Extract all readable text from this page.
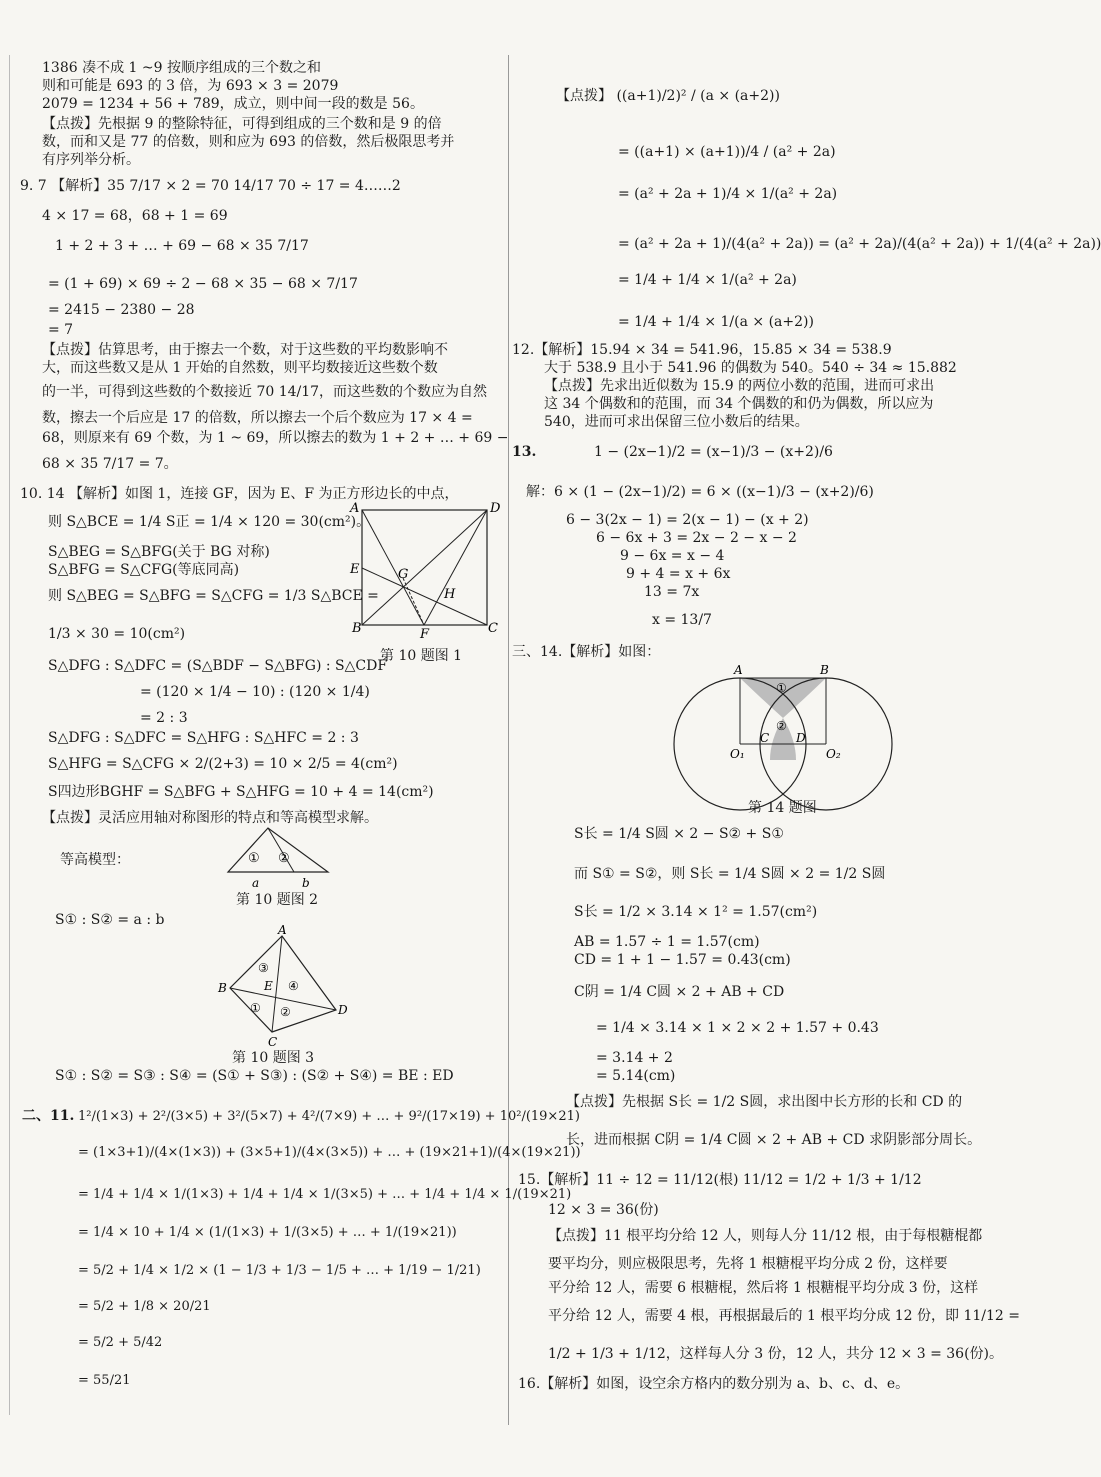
1386 凑不成 1 ~9 按顺序组成的三个数之和
则和可能是 693 的 3 倍，为 693 × 3 = 2079
2079 = 1234 + 56 + 789，成立，则中间一段的数是 56。
【点拨】先根据 9 的整除特征，可得到组成的三个数和是 9 的倍
数，而和又是 77 的倍数，则和应为 693 的倍数，然后极限思考并
有序列举分析。
9. 7 【解析】35 7/17 × 2 = 70 14/17 70 ÷ 17 = 4……2
4 × 17 = 68，68 + 1 = 69
1 + 2 + 3 + … + 69 − 68 × 35 7/17
= (1 + 69) × 69 ÷ 2 − 68 × 35 − 68 × 7/17
= 2415 − 2380 − 28
= 7
【点拨】估算思考，由于擦去一个数，对于这些数的平均数影响不
大，而这些数又是从 1 开始的自然数，则平均数接近这些数个数
的一半，可得到这些数的个数接近 70 14/17，而这些数的个数应为自然
数，擦去一个后应是 17 的倍数，所以擦去一个后个数应为 17 × 4 =
68，则原来有 69 个数，为 1 ~ 69，所以擦去的数为 1 + 2 + … + 69 −
68 × 35 7/17 = 7。
10. 14 【解析】如图 1，连接 GF，因为 E、F 为正方形边长的中点，
则 S△BCE = 1/4 S正 = 1/4 × 120 = 30(cm²)。
S△BEG = S△BFG(关于 BG 对称)
S△BFG = S△CFG(等底同高)
则 S△BEG = S△BFG = S△CFG = 1/3 S△BCE =
1/3 × 30 = 10(cm²)
S△DFG : S△DFC = (S△BDF − S△BFG) : S△CDF
= (120 × 1/4 − 10) : (120 × 1/4)
= 2 : 3
S△DFG : S△DFC = S△HFG : S△HFC = 2 : 3
S△HFG = S△CFG × 2/(2+3) = 10 × 2/5 = 4(cm²)
S四边形BGHF = S△BFG + S△HFG = 10 + 4 = 14(cm²)
【点拨】灵活应用轴对称图形的特点和等高模型求解。
等高模型：
A	D
E	G
H
B	F	C
第 10 题图 1
① ②
a	b
第 10 题图 2
S① : S② = a : b
A
B
D
C
E
③
④
① ②
第 10 题图 3
S① : S② = S③ : S④ = (S① + S③) : (S② + S④) = BE : ED
二、11. 1²/(1×3) + 2²/(3×5) + 3²/(5×7) + 4²/(7×9) + … + 9²/(17×19) + 10²/(19×21)
= (1×3+1)/(4×(1×3)) + (3×5+1)/(4×(3×5)) + … + (19×21+1)/(4×(19×21))
= 1/4 + 1/4 × 1/(1×3) + 1/4 + 1/4 × 1/(3×5) + … + 1/4 + 1/4 × 1/(19×21)
= 1/4 × 10 + 1/4 × (1/(1×3) + 1/(3×5) + … + 1/(19×21))
= 5/2 + 1/4 × 1/2 × (1 − 1/3 + 1/3 − 1/5 + … + 1/19 − 1/21)
= 5/2 + 1/8 × 20/21
= 5/2 + 5/42
= 55/21
【点拨】 ((a+1)/2)² / (a × (a+2))
= ((a+1) × (a+1))/4 / (a² + 2a)
= (a² + 2a + 1)/4 × 1/(a² + 2a)
= (a² + 2a + 1)/(4(a² + 2a)) = (a² + 2a)/(4(a² + 2a)) + 1/(4(a² + 2a))
= 1/4 + 1/4 × 1/(a² + 2a)
= 1/4 + 1/4 × 1/(a × (a+2))
12.【解析】15.94 × 34 = 541.96，15.85 × 34 = 538.9
大于 538.9 且小于 541.96 的偶数为 540。540 ÷ 34 ≈ 15.882
【点拨】先求出近似数为 15.9 的两位小数的范围，进而可求出
这 34 个偶数和的范围，而 34 个偶数的和仍为偶数，所以应为
540，进而可求出保留三位小数后的结果。
13.	1 − (2x−1)/2 = (x−1)/3 − (x+2)/6
解：6 × (1 − (2x−1)/2) = 6 × ((x−1)/3 − (x+2)/6)
6 − 3(2x − 1) = 2(x − 1) − (x + 2)
6 − 6x + 3 = 2x − 2 − x − 2
9 − 6x = x − 4
9 + 4 = x + 6x
13 = 7x
x = 13/7
三、14.【解析】如图：
A	B
①
②
C D
O₁	O₂
第 14 题图
S长 = 1/4 S圆 × 2 − S② + S①
而 S① = S②，则 S长 = 1/4 S圆 × 2 = 1/2 S圆
S长 = 1/2 × 3.14 × 1² = 1.57(cm²)
AB = 1.57 ÷ 1 = 1.57(cm)
CD = 1 + 1 − 1.57 = 0.43(cm)
C阴 = 1/4 C圆 × 2 + AB + CD
= 1/4 × 3.14 × 1 × 2 × 2 + 1.57 + 0.43
= 3.14 + 2
= 5.14(cm)
【点拨】先根据 S长 = 1/2 S圆，求出图中长方形的长和 CD 的
长，进而根据 C阴 = 1/4 C圆 × 2 + AB + CD 求阴影部分周长。
15.【解析】11 ÷ 12 = 11/12(根) 11/12 = 1/2 + 1/3 + 1/12
12 × 3 = 36(份)
【点拨】11 根平均分给 12 人，则每人分 11/12 根，由于每根糖棍都
要平均分，则应极限思考，先将 1 根糖棍平均分成 2 份，这样要
平分给 12 人，需要 6 根糖棍，然后将 1 根糖棍平均分成 3 份，这样
平分给 12 人，需要 4 根，再根据最后的 1 根平均分成 12 份，即 11/12 =
1/2 + 1/3 + 1/12，这样每人分 3 份，12 人，共分 12 × 3 = 36(份)。
16.【解析】如图，设空余方格内的数分别为 a、b、c、d、e。
